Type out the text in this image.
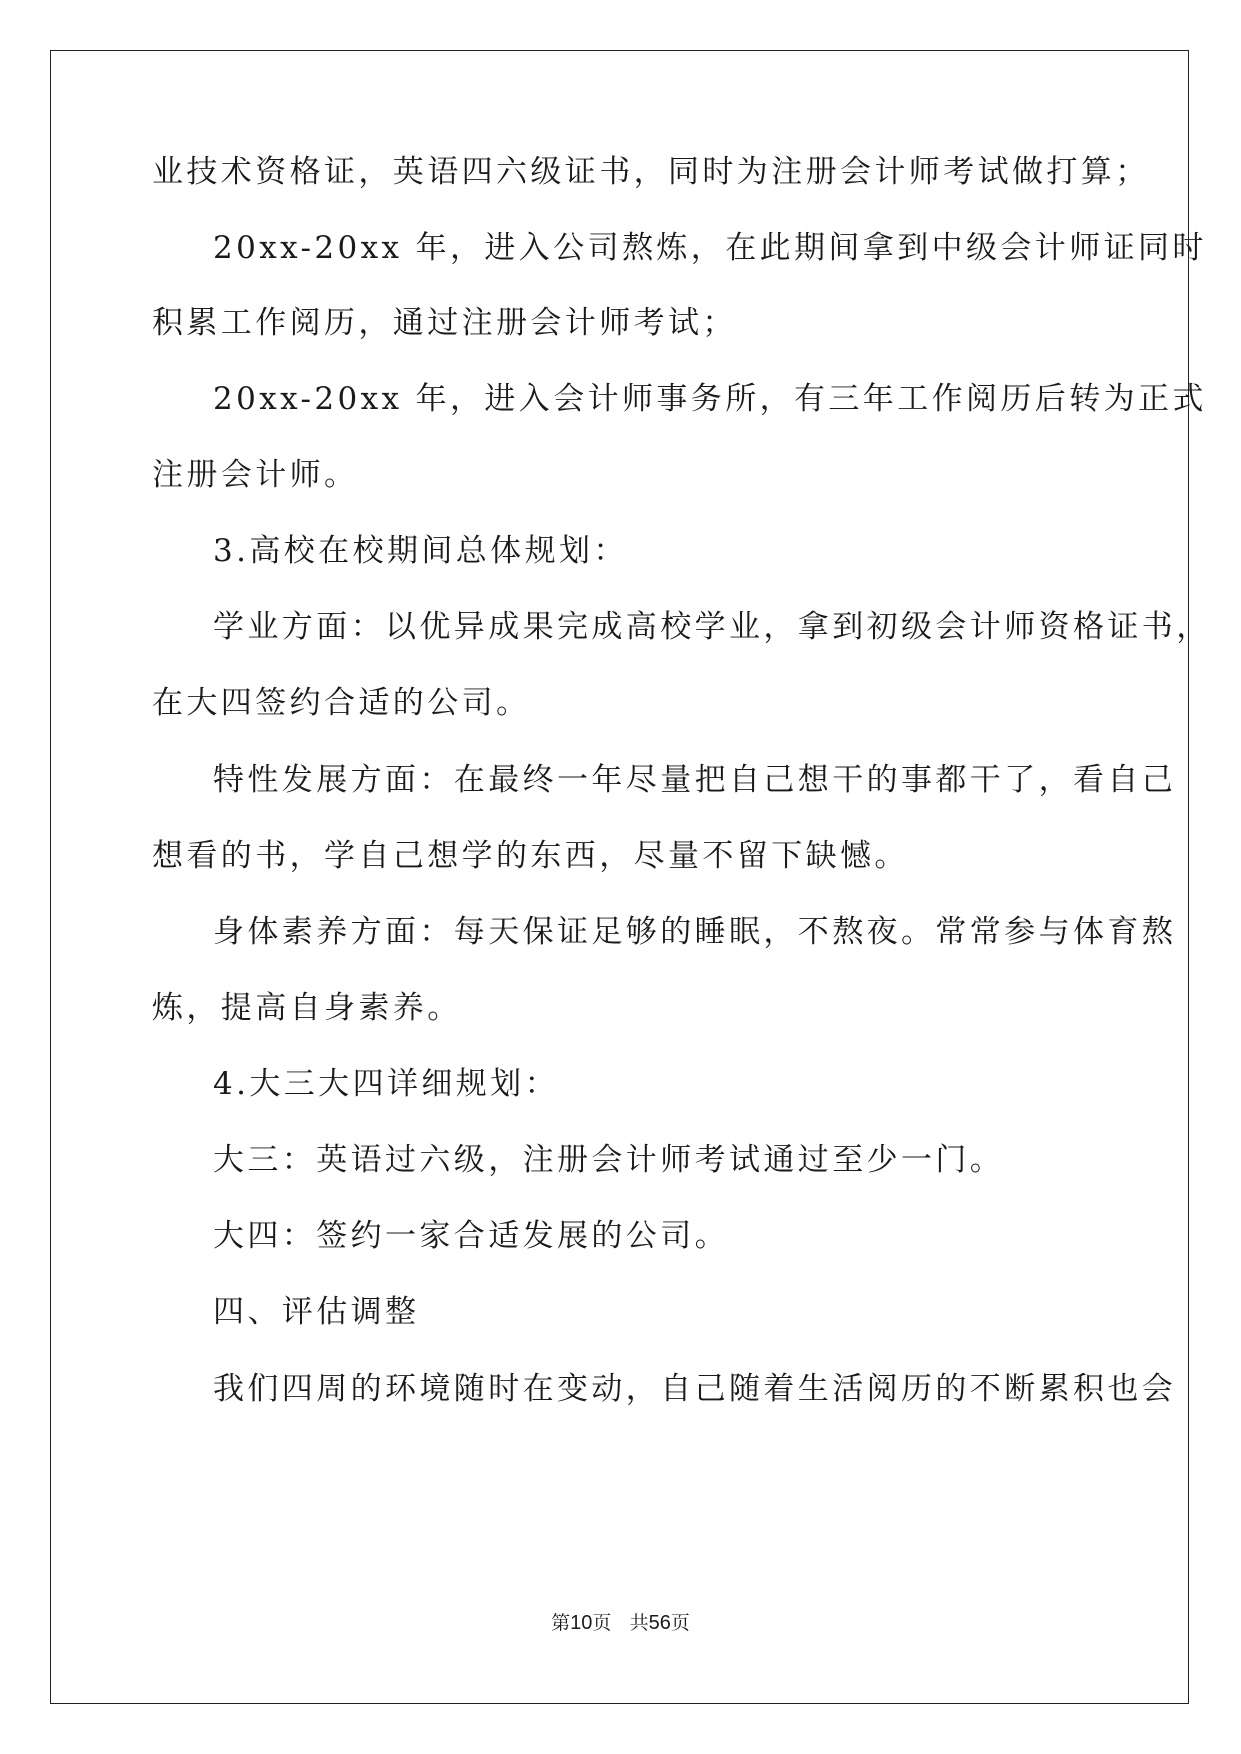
业技术资格证，英语四六级证书，同时为注册会计师考试做打算；
20xx-20xx 年，进入公司熬炼，在此期间拿到中级会计师证同时
积累工作阅历，通过注册会计师考试；
20xx-20xx 年，进入会计师事务所，有三年工作阅历后转为正式
注册会计师。
3.高校在校期间总体规划：
学业方面：以优异成果完成高校学业，拿到初级会计师资格证书，
在大四签约合适的公司。
特性发展方面：在最终一年尽量把自己想干的事都干了，看自己
想看的书，学自己想学的东西，尽量不留下缺憾。
身体素养方面：每天保证足够的睡眠，不熬夜。常常参与体育熬
炼，提高自身素养。
4.大三大四详细规划：
大三：英语过六级，注册会计师考试通过至少一门。
大四：签约一家合适发展的公司。
四、评估调整
我们四周的环境随时在变动，自己随着生活阅历的不断累积也会
第10页 共56页
